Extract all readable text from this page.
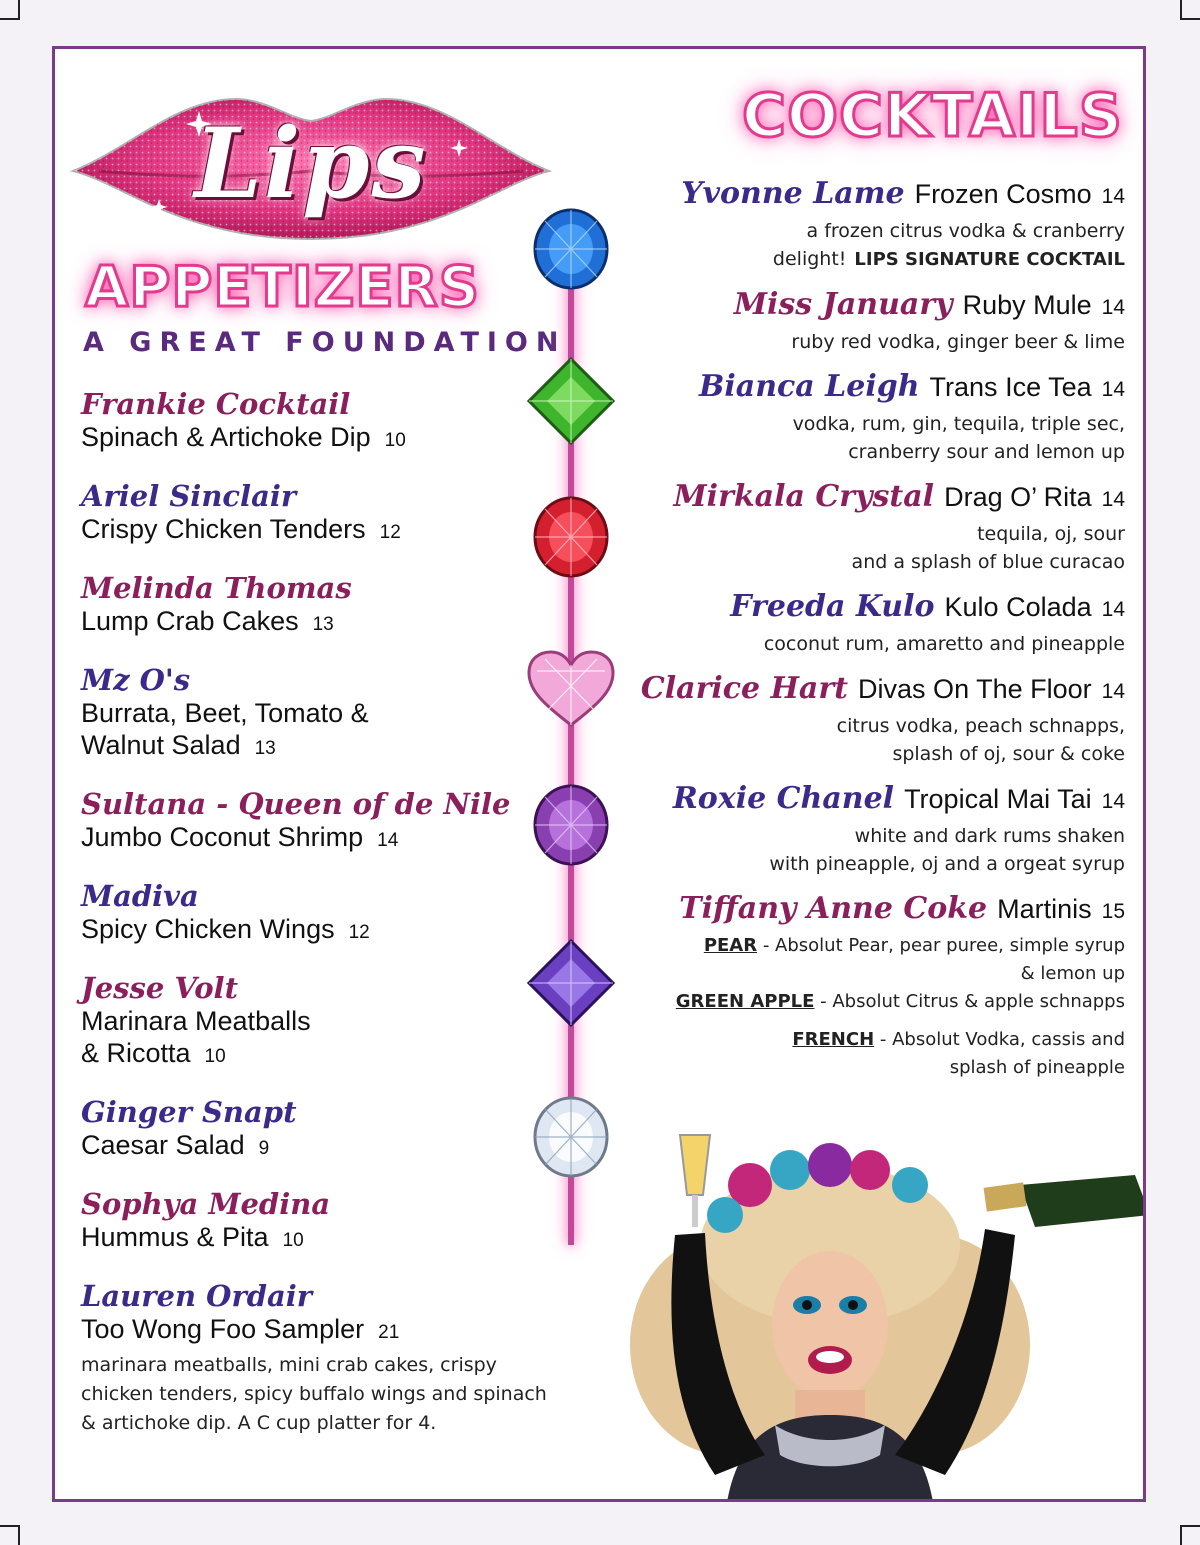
Lips
APPETIZERS
A GREAT FOUNDATION
Frankie Cocktail
Spinach & Artichoke Dip 10
Ariel Sinclair
Crispy Chicken Tenders 12
Melinda Thomas
Lump Crab Cakes 13
Mz O's
Burrata, Beet, Tomato &
Walnut Salad 13
Sultana - Queen of de Nile
Jumbo Coconut Shrimp 14
Madiva
Spicy Chicken Wings 12
Jesse Volt
Marinara Meatballs
& Ricotta 10
Ginger Snapt
Caesar Salad 9
Sophya Medina
Hummus & Pita 10
Lauren Ordair
Too Wong Foo Sampler 21
marinara meatballs, mini crab cakes, crispy chicken tenders, spicy buffalo wings and spinach & artichoke dip. A C cup platter for 4.
COCKTAILS
Yvonne Lame Frozen Cosmo 14
a frozen citrus vodka & cranberry
delight! LIPS SIGNATURE COCKTAIL
Miss January Ruby Mule 14
ruby red vodka, ginger beer & lime
Bianca Leigh Trans Ice Tea 14
vodka, rum, gin, tequila, triple sec,
cranberry sour and lemon up
Mirkala Crystal Drag O’ Rita 14
tequila, oj, sour
and a splash of blue curacao
Freeda Kulo Kulo Colada 14
coconut rum, amaretto and pineapple
Clarice Hart Divas On The Floor 14
citrus vodka, peach schnapps,
splash of oj, sour & coke
Roxie Chanel Tropical Mai Tai 14
white and dark rums shaken
with pineapple, oj and a orgeat syrup
Tiffany Anne Coke Martinis 15
PEAR - Absolut Pear, pear puree, simple syrup
& lemon up
GREEN APPLE - Absolut Citrus & apple schnapps
FRENCH - Absolut Vodka, cassis and
splash of pineapple
